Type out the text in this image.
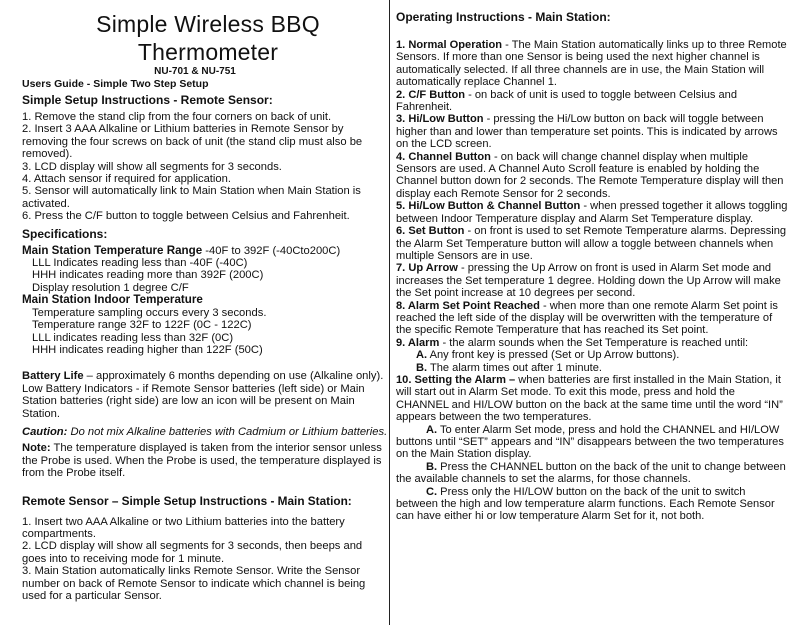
Simple Wireless BBQ Thermometer
NU-701 & NU-751
Users Guide - Simple Two Step Setup
Simple Setup Instructions - Remote Sensor:
1. Remove the stand clip from the four corners on back of unit.
2. Insert 3 AAA Alkaline or Lithium batteries in Remote Sensor by removing the four screws on back of unit (the stand clip must also be removed).
3. LCD display will show all segments for 3 seconds.
4. Attach sensor if required for application.
5. Sensor will automatically link to Main Station when Main Station is activated.
6. Press the C/F button to toggle between Celsius and Fahrenheit.
Specifications:
Main Station Temperature Range -40F to 392F (-40Cto200C)
LLL Indicates reading less than -40F (-40C)
HHH indicates reading more than 392F (200C)
Display resolution 1 degree C/F
Main Station Indoor Temperature
Temperature sampling occurs every 3 seconds.
Temperature range 32F to 122F (0C - 122C)
LLL indicates reading less than 32F (0C)
HHH indicates reading higher than 122F (50C)
Battery Life – approximately 6 months depending on use (Alkaline only). Low Battery Indicators - if Remote Sensor batteries (left side) or Main Station batteries (right side) are low an icon will be present on Main Station.
Caution: Do not mix Alkaline batteries with Cadmium or Lithium batteries.
Note: The temperature displayed is taken from the interior sensor unless the Probe is used. When the Probe is used, the temperature displayed is from the Probe itself.
Remote Sensor – Simple Setup Instructions - Main Station:
1. Insert two AAA Alkaline or two Lithium batteries into the battery compartments.
2. LCD display will show all segments for 3 seconds, then beeps and goes into to receiving mode for 1 minute.
3. Main Station automatically links Remote Sensor. Write the Sensor number on back of Remote Sensor to indicate which channel is being used for a particular Sensor.
Operating Instructions - Main Station:
1. Normal Operation - The Main Station automatically links up to three Remote Sensors. If more than one Sensor is being used the next higher channel is automatically selected. If all three channels are in use, the Main Station will automatically replace Channel 1.
2. C/F Button - on back of unit is used to toggle between Celsius and Fahrenheit.
3. Hi/Low Button - pressing the Hi/Low button on back will toggle between higher than and lower than temperature set points. This is indicated by arrows on the LCD screen.
4. Channel Button - on back will change channel display when multiple Sensors are used. A Channel Auto Scroll feature is enabled by holding the Channel button down for 2 seconds. The Remote Temperature display will then display each Remote Sensor for 2 seconds.
5. Hi/Low Button & Channel Button - when pressed together it allows toggling between Indoor Temperature display and Alarm Set Temperature display.
6. Set Button - on front is used to set Remote Temperature alarms. Depressing the Alarm Set Temperature button will allow a toggle between channels when multiple Sensors are in use.
7. Up Arrow - pressing the Up Arrow on front is used in Alarm Set mode and increases the Set temperature 1 degree. Holding down the Up Arrow will make the Set point increase at 10 degrees per second.
8. Alarm Set Point Reached - when more than one remote Alarm Set point is reached the left side of the display will be overwritten with the temperature of the specific Remote Temperature that has reached its Set point.
9. Alarm - the alarm sounds when the Set Temperature is reached until:
A. Any front key is pressed (Set or Up Arrow buttons).
B. The alarm times out after 1 minute.
10. Setting the Alarm – when batteries are first installed in the Main Station, it will start out in Alarm Set mode. To exit this mode, press and hold the CHANNEL and HI/LOW button on the back at the same time until the word “IN” appears between the two temperatures.
A. To enter Alarm Set mode, press and hold the CHANNEL and HI/LOW buttons until “SET” appears and “IN” disappears between the two temperatures on the Main Station display.
B. Press the CHANNEL button on the back of the unit to change between the available channels to set the alarms, for those channels.
C. Press only the HI/LOW button on the back of the unit to switch between the high and low temperature alarm functions. Each Remote Sensor can have either hi or low temperature Alarm Set for it, not both.
